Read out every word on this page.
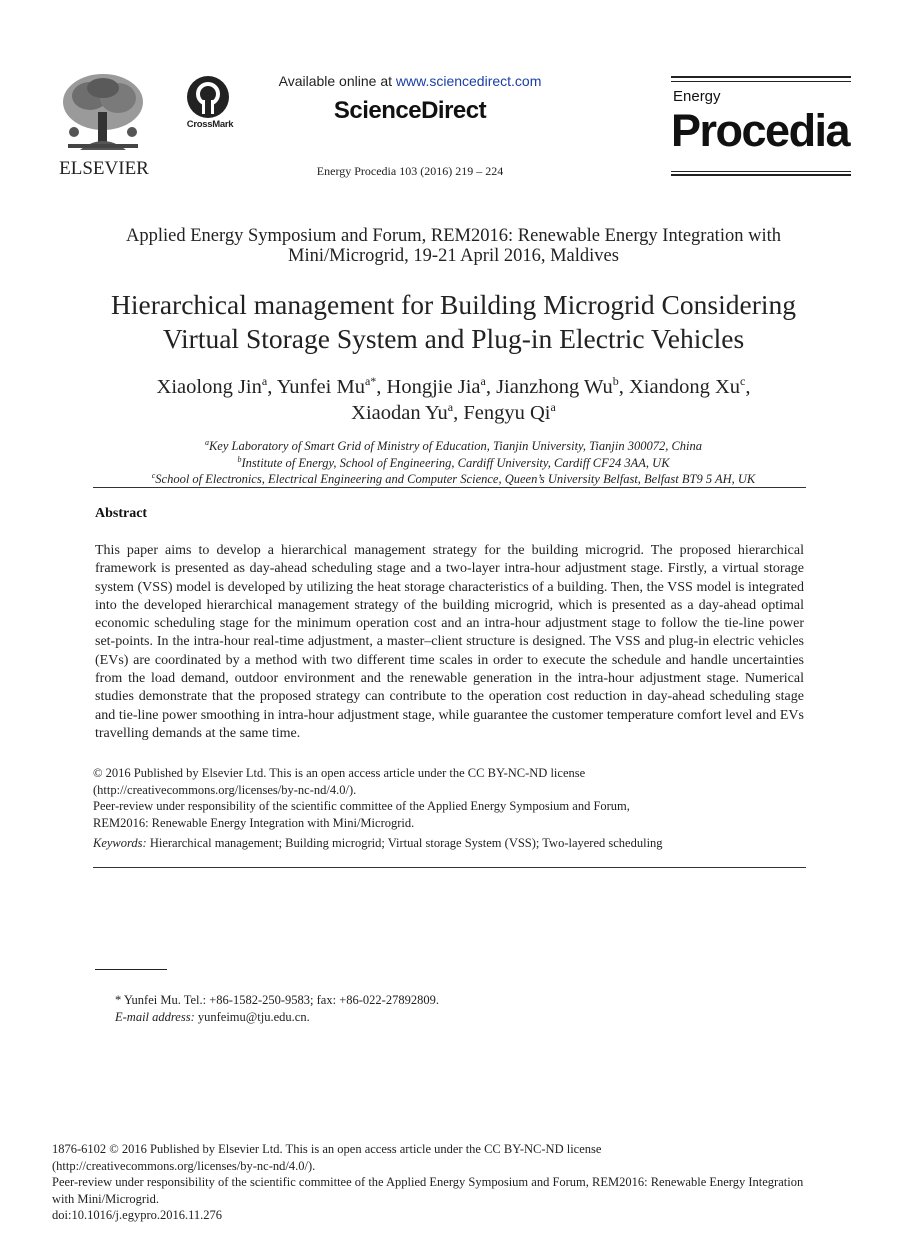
ELSEVIER
CrossMark
Available online at www.sciencedirect.com
ScienceDirect
Energy Procedia 103 (2016) 219 – 224
Energy
Procedia
Applied Energy Symposium and Forum, REM2016: Renewable Energy Integration with
Mini/Microgrid, 19-21 April 2016, Maldives
Hierarchical management for Building Microgrid Considering
Virtual Storage System and Plug-in Electric Vehicles
Xiaolong Jin$^a$, Yunfei $Mu^{a*}$, Hongjie Jia$^a$, Jianzhong Wu$^b$, Xiandong Xu$^c$,
Xiaodan Yu$^a$, Fengyu Qi$^a$
$^a$Key Laboratory of Smart Grid of Ministry of Education, Tianjin University, Tianjin 300072, China
$^b$Institute of Energy, School of Engineering, Cardiff University, Cardiff CF24 3AA, UK
$^c$School of Electronics, Electrical Engineering and Computer Science, Queen’s University Belfast, Belfast BT9 5 AH, UK
Abstract
This paper aims to develop a hierarchical management strategy for the building microgrid. The proposed hierarchical framework is presented as day-ahead scheduling stage and a two-layer intra-hour adjustment stage. Firstly, a virtual storage system (VSS) model is developed by utilizing the heat storage characteristics of a building. Then, the VSS model is integrated into the developed hierarchical management strategy of the building microgrid, which is presented as a day-ahead optimal economic scheduling stage for the minimum operation cost and an intra-hour adjustment stage to follow the tie-line power set-points. In the intra-hour real-time adjustment, a master–client structure is designed. The VSS and plug-in electric vehicles (EVs) are coordinated by a method with two different time scales in order to execute the schedule and handle uncertainties from the load demand, outdoor environment and the renewable generation in the intra-hour adjustment stage. Numerical studies demonstrate that the proposed strategy can contribute to the operation cost reduction in day-ahead scheduling stage and tie-line power smoothing in intra-hour adjustment stage, while guarantee the customer temperature comfort level and EVs travelling demands at the same time.
© 2016 Published by Elsevier Ltd. This is an open access article under the CC BY-NC-ND license
(http://creativecommons.org/licenses/by-nc-nd/4.0/).
Peer-review under responsibility of the scientific committee of the Applied Energy Symposium and Forum,
REM2016: Renewable Energy Integration with Mini/Microgrid.
Keywords: Hierarchical management; Building microgrid; Virtual storage System (VSS); Two-layered scheduling
* Yunfei Mu. Tel.: +86-1582-250-9583; fax: +86-022-27892809.
E-mail address: yunfeimu@tju.edu.cn.
1876-6102 © 2016 Published by Elsevier Ltd. This is an open access article under the CC BY-NC-ND license
(http://creativecommons.org/licenses/by-nc-nd/4.0/).
Peer-review under responsibility of the scientific committee of the Applied Energy Symposium and Forum, REM2016: Renewable Energy Integration
with Mini/Microgrid.
doi:10.1016/j.egypro.2016.11.276
